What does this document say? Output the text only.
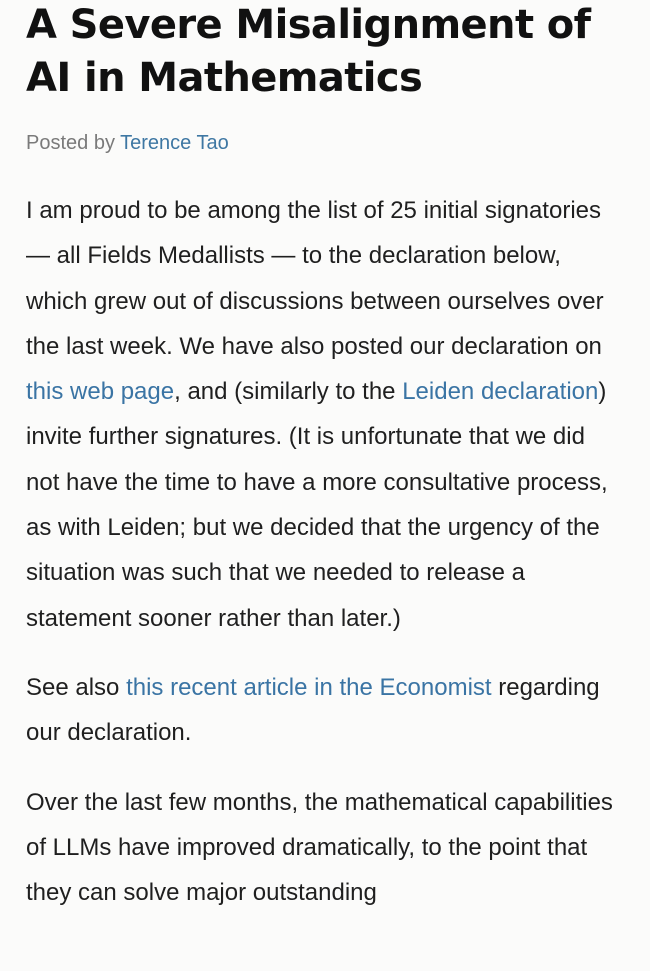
A Severe Misalignment of AI in Mathematics
Posted by Terence Tao

I am proud to be among the list of 25 initial signatories — all Fields Medallists — to the declaration below, which grew out of discussions between ourselves over the last week. We have also posted our declaration on this web page, and (similarly to the Leiden declaration) invite further signatures. (It is unfortunate that we did not have the time to have a more consultative process, as with Leiden; but we decided that the urgency of the situation was such that we needed to release a statement sooner rather than later.)

See also this recent article in the Economist regarding our declaration.

Over the last few months, the mathematical capabilities of LLMs have improved dramatically, to the point that they can solve major outstanding
